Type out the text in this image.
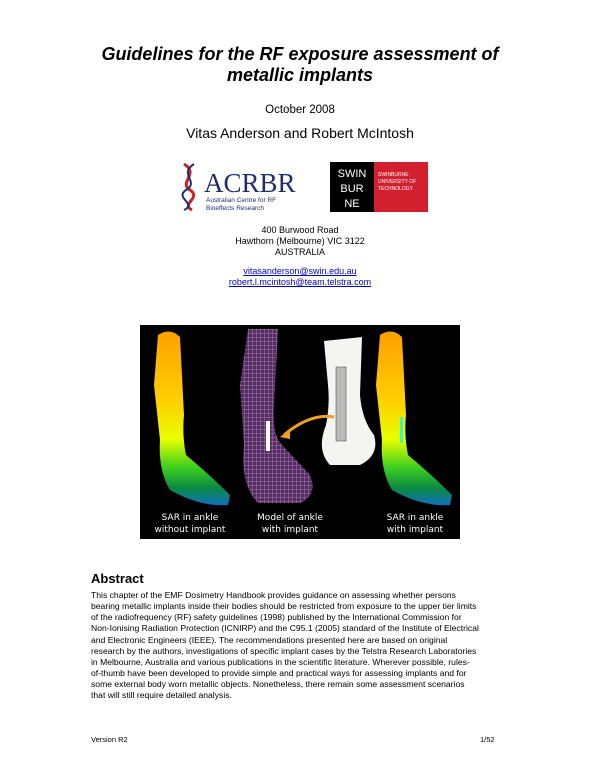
Guidelines for the RF exposure assessment of
metallic implants
October 2008
Vitas Anderson and Robert McIntosh
ACRBR
Australian Centre for RF
Bioeffects Research
SWIN
BUR
NE
SWINBURNE
UNIVERSITY OF
TECHNOLOGY
400 Burwood Road
Hawthorn (Melbourne) VIC 3122
AUSTRALIA
vitasanderson@swin.edu.au
robert.l.mcintosh@team.telstra.com
SAR in ankle
without implant
Model of ankle
with implant
SAR in ankle
with implant
Abstract
This chapter of the EMF Dosimetry Handbook provides guidance on assessing whether persons
bearing metallic implants inside their bodies should be restricted from exposure to the upper tier limits
of the radiofrequency (RF) safety guidelines (1998) published by the International Commission for
Non-Ionising Radiation Protection (ICNIRP) and the C95.1 (2005) standard of the Institute of Electrical
and Electronic Engineers (IEEE). The recommendations presented here are based on original
research by the authors, investigations of specific implant cases by the Telstra Research Laboratories
in Melbourne, Australia and various publications in the scientific literature. Wherever possible, rules-
of-thumb have been developed to provide simple and practical ways for assessing implants and for
some external body worn metallic objects. Nonetheless, there remain some assessment scenarios
that will still require detailed analysis.
Version R2	1/52
